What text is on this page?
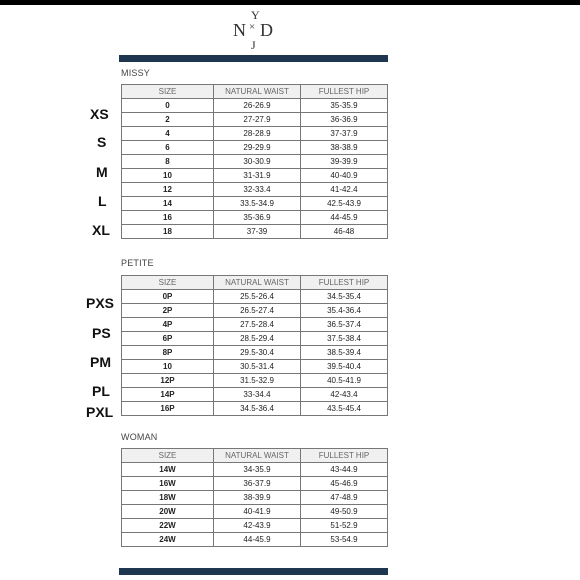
Y
N × D
J
MISSY
SIZE	NATURAL WAIST	FULLEST HIP
0	26-26.9	35-35.9
2	27-27.9	36-36.9
4	28-28.9	37-37.9
6	29-29.9	38-38.9
8	30-30.9	39-39.9
10	31-31.9	40-40.9
12	32-33.4	41-42.4
14	33.5-34.9	42.5-43.9
16	35-36.9	44-45.9
18	37-39	46-48
XS
S
M
L
XL
PETITE
SIZE	NATURAL WAIST	FULLEST HIP
0P	25.5-26.4	34.5-35.4
2P	26.5-27.4	35.4-36.4
4P	27.5-28.4	36.5-37.4
6P	28.5-29.4	37.5-38.4
8P	29.5-30.4	38.5-39.4
10	30.5-31.4	39.5-40.4
12P	31.5-32.9	40.5-41.9
14P	33-34.4	42-43.4
16P	34.5-36.4	43.5-45.4
PXS
PS
PM
PL
PXL
WOMAN
SIZE	NATURAL WAIST	FULLEST HIP
14W	34-35.9	43-44.9
16W	36-37.9	45-46.9
18W	38-39.9	47-48.9
20W	40-41.9	49-50.9
22W	42-43.9	51-52.9
24W	44-45.9	53-54.9
